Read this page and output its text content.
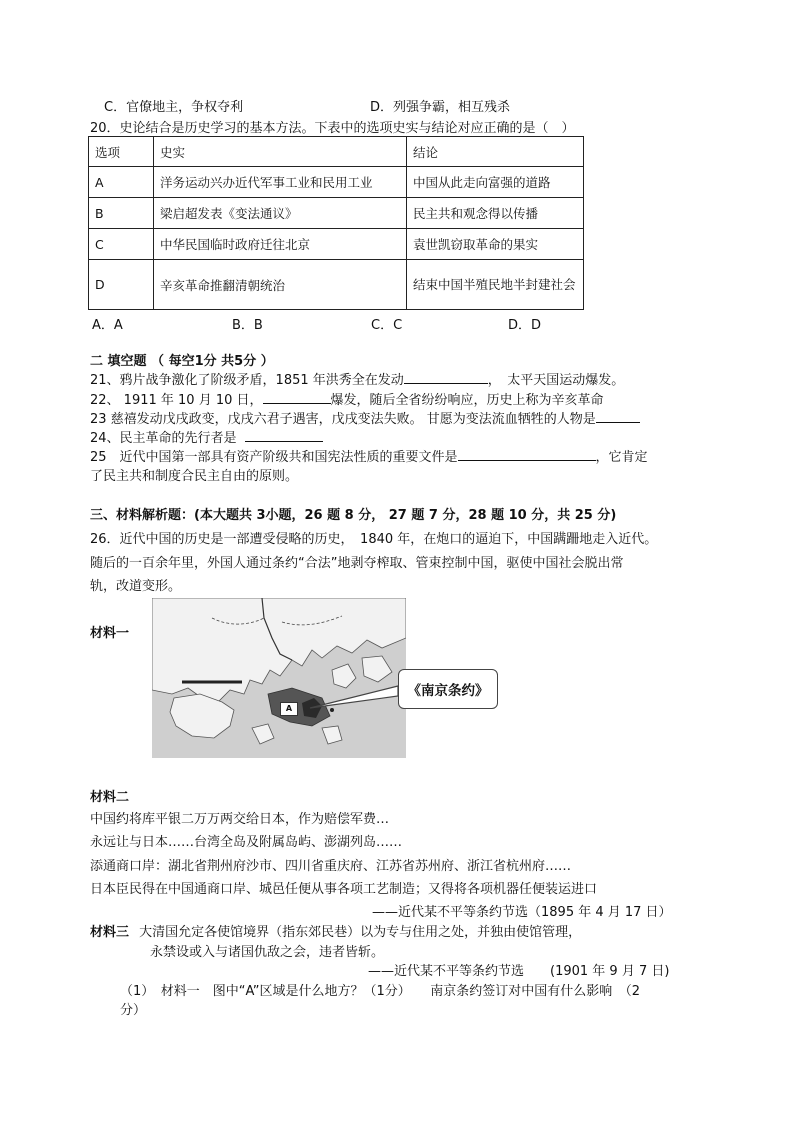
C．官僚地主，争权夺利	D．列强争霸，相互残杀
20．史论结合是历史学习的基本方法。下表中的选项史实与结论对应正确的是（　）
选项	史实	结论
A	洋务运动兴办近代军事工业和民用工业	中国从此走向富强的道路
B	梁启超发表《变法通议》	民主共和观念得以传播
C	中华民国临时政府迁往北京	袁世凯窃取革命的果实
D	辛亥革命推翻清朝统治	结束中国半殖民地半封建社会
A．A	B．B	C．C	D．D
二 填空题 （ 每空1分 共5分 ）
21、鸦片战争激化了阶级矛盾，1851 年洪秀全在发动	，　太平天国运动爆发。
22、 1911 年 10 月 10 日，	爆发，随后全省纷纷响应，历史上称为辛亥革命
23 慈禧发动戊戌政变，戊戌六君子遇害，戊戌变法失败。 甘愿为变法流血牺牲的人物是
24、民主革命的先行者是
25　近代中国第一部具有资产阶级共和国宪法性质的重要文件是	，它肯定
了民主共和制度合民主自由的原则。
三、材料解析题：(本大题共 3小题，26 题 8 分， 27 题 7 分，28 题 10 分，共 25 分)
26．近代中国的历史是一部遭受侵略的历史，　1840 年，在炮口的逼迫下，中国蹒跚地走入近代。
随后的一百余年里，外国人通过条约“合法”地剥夺榨取、管束控制中国，驱使中国社会脱出常
轨，改道变形。
材料一
A
《南京条约》
材料二
中国约将库平银二万万两交给日本，作为赔偿军费…
永远让与日本……台湾全岛及附属岛屿、澎湖列岛……
添通商口岸：湖北省荆州府沙市、四川省重庆府、江苏省苏州府、浙江省杭州府……
日本臣民得在中国通商口岸、城邑任便从事各项工艺制造；又得将各项机器任便装运进口
——近代某不平等条约节选（1895 年 4 月 17 日）
材料三 大清国允定各使馆境界（指东郊民巷）以为专与住用之处，并独由使馆管理，
永禁设或入与诸国仇敌之会，违者皆斩。
——近代某不平等条约节选　　(1901 年 9 月 7 日)
（1）　材料一　图中“A”区域是什么地方？（1分）　　南京条约签订对中国有什么影响　（2
分）
